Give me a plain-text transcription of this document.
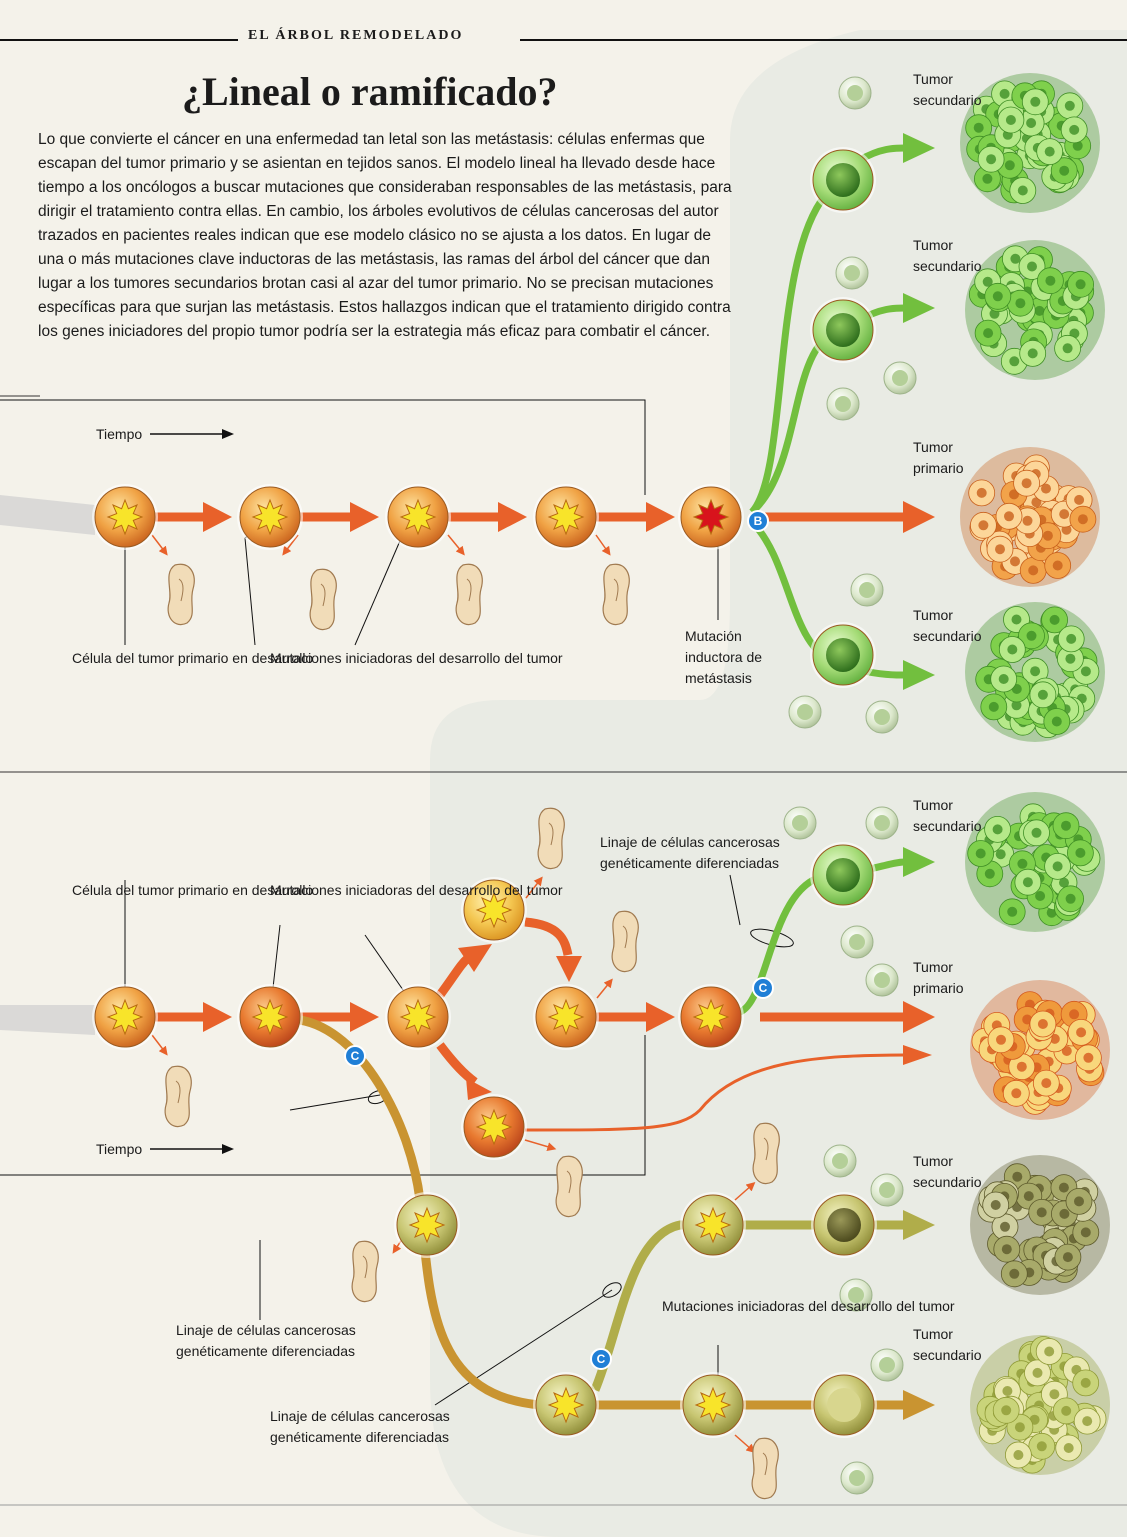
B
C
C
C
EL ÁRBOL REMODELADO
¿Lineal o ramificado?
Lo que convierte el cáncer en una enfermedad tan letal son las metástasis: células enfermas que escapan del tumor primario y se asientan en tejidos sanos. El modelo lineal ha llevado desde hace tiempo a los oncólogos a buscar mutaciones que consideraban responsables de las metástasis, para dirigir el tratamiento contra ellas. En cambio, los árboles evolutivos de células cancerosas del autor trazados en pacientes reales indican que ese modelo clásico no se ajusta a los datos. En lugar de una o más mutaciones clave inductoras de las metástasis, las ramas del árbol del cáncer que dan lugar a los tumores secundarios brotan casi al azar del tumor primario. No se precisan mutaciones específicas para que surjan las metástasis. Estos hallazgos indican que el tratamiento dirigido contra los genes iniciadores del propio tumor podría ser la estrategia más eficaz para combatir el cáncer.
Tiempo
Célula del tumor primario en desarrollo
Mutaciones iniciadoras del desarrollo del tumor
Mutación inductora de metástasis
Tumor secundario
Tumor secundario
Tumor primario
Tumor secundario
Tumor secundario
Tumor primario
Tumor secundario
Tumor secundario
Célula del tumor primario en desarrollo
Mutaciones iniciadoras del desarrollo del tumor
Tiempo
Linaje de células cancerosas genéticamente diferenciadas
Linaje de células cancerosas genéticamente diferenciadas
Linaje de células cancerosas genéticamente diferenciadas
Mutaciones iniciadoras del desarrollo del tumor
